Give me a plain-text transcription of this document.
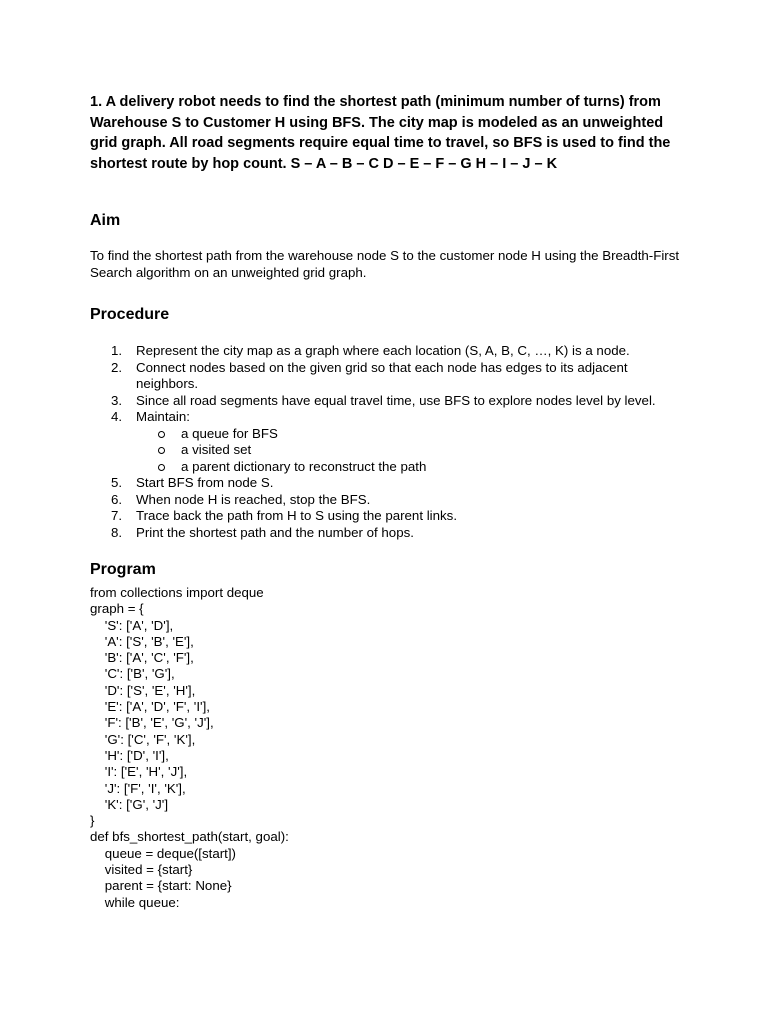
1. A delivery robot needs to find the shortest path (minimum number of turns) from Warehouse S to Customer H using BFS. The city map is modeled as an unweighted grid graph. All road segments require equal time to travel, so BFS is used to find the shortest route by hop count. S – A – B – C D – E – F – G H – I – J – K

Aim

To find the shortest path from the warehouse node S to the customer node H using the Breadth-First Search algorithm on an unweighted grid graph.

Procedure
1. Represent the city map as a graph where each location (S, A, B, C, …, K) is a node.
2. Connect nodes based on the given grid so that each node has edges to its adjacent neighbors.
3. Since all road segments have equal travel time, use BFS to explore nodes level by level.
4. Maintain:
a queue for BFS
a visited set
a parent dictionary to reconstruct the path
5. Start BFS from node S.
6. When node H is reached, stop the BFS.
7. Trace back the path from H to S using the parent links.
8. Print the shortest path and the number of hops.
Program
from collections import deque
graph = {
'S': ['A', 'D'],
'A': ['S', 'B', 'E'],
'B': ['A', 'C', 'F'],
'C': ['B', 'G'],
'D': ['S', 'E', 'H'],
'E': ['A', 'D', 'F', 'I'],
'F': ['B', 'E', 'G', 'J'],
'G': ['C', 'F', 'K'],
'H': ['D', 'I'],
'I': ['E', 'H', 'J'],
'J': ['F', 'I', 'K'],
'K': ['G', 'J']
}
def bfs_shortest_path(start, goal):
queue = deque([start])
visited = {start}
parent = {start: None}
while queue:
